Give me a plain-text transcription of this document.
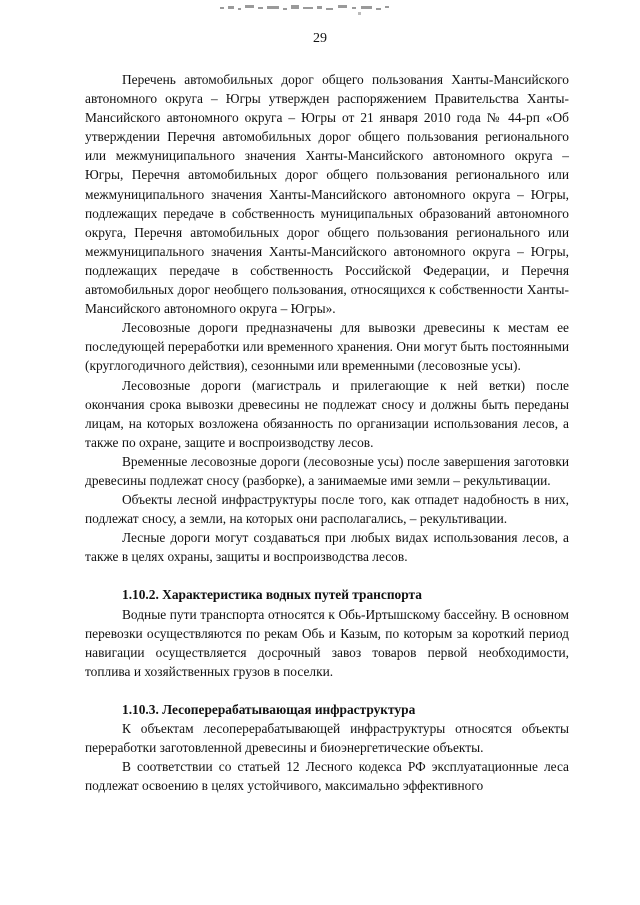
29

Перечень автомобильных дорог общего пользования Ханты-Мансийского автономного округа – Югры утвержден распоряжением Правительства Ханты-Мансийского автономного округа – Югры от 21 января 2010 года № 44-рп «Об утверждении Перечня автомобильных дорог общего пользования регионального или межмуниципального значения Ханты-Мансийского автономного округа – Югры, Перечня автомобильных дорог общего пользования регионального или межмуниципального значения Ханты-Мансийского автономного округа – Югры, подлежащих передаче в собственность муниципальных образований автономного округа, Перечня автомобильных дорог общего пользования регионального или межмуниципального значения Ханты-Мансийского автономного округа – Югры, подлежащих передаче в собственность Российской Федерации, и Перечня автомобильных дорог необщего пользования, относящихся к собственности Ханты-Мансийского автономного округа – Югры».

Лесовозные дороги предназначены для вывозки древесины к местам ее последующей переработки или временного хранения. Они могут быть постоянными (круглогодичного действия), сезонными или временными (лесовозные усы).

Лесовозные дороги (магистраль и прилегающие к ней ветки) после окончания срока вывозки древесины не подлежат сносу и должны быть переданы лицам, на которых возложена обязанность по организации использования лесов, а также по охране, защите и воспроизводству лесов.

Временные лесовозные дороги (лесовозные усы) после завершения заготовки древесины подлежат сносу (разборке), а занимаемые ими земли – рекультивации.

Объекты лесной инфраструктуры после того, как отпадет надобность в них, подлежат сносу, а земли, на которых они располагались, – рекультивации.

Лесные дороги могут создаваться при любых видах использования лесов, а также в целях охраны, защиты и воспроизводства лесов.

1.10.2. Характеристика водных путей транспорта

Водные пути транспорта относятся к Обь-Иртышскому бассейну. В основном перевозки осуществляются по рекам Обь и Казым, по которым за короткий период навигации осуществляется досрочный завоз товаров первой необходимости, топлива и хозяйственных грузов в поселки.

1.10.3. Лесоперерабатывающая инфраструктура

К объектам лесоперерабатывающей инфраструктуры относятся объекты переработки заготовленной древесины и биоэнергетические объекты.

В соответствии со статьей 12 Лесного кодекса РФ эксплуатационные леса подлежат освоению в целях устойчивого, максимально эффективного
